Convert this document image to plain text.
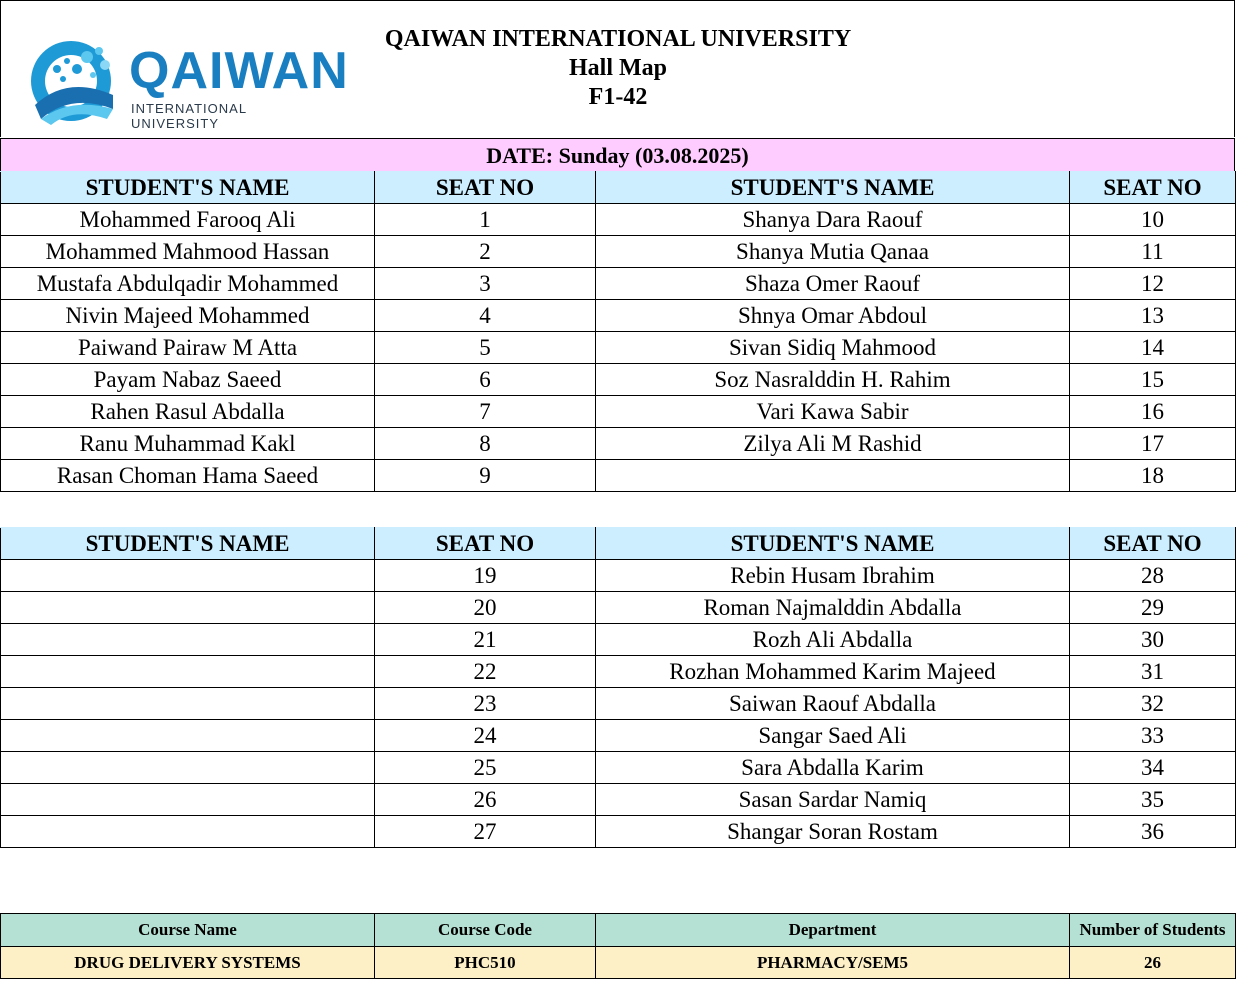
QAIWAN
INTERNATIONAL UNIVERSITY
QAIWAN INTERNATIONAL UNIVERSITY
Hall Map
F1-42
DATE: Sunday (03.08.2025)
STUDENT'S NAME	SEAT NO	STUDENT'S NAME	SEAT NO
Mohammed Farooq Ali	1	Shanya Dara Raouf	10
Mohammed Mahmood Hassan	2	Shanya Mutia Qanaa	11
Mustafa Abdulqadir Mohammed	3	Shaza Omer Raouf	12
Nivin Majeed Mohammed	4	Shnya Omar Abdoul	13
Paiwand Pairaw M Atta	5	Sivan Sidiq Mahmood	14
Payam Nabaz Saeed	6	Soz Nasralddin H. Rahim	15
Rahen Rasul Abdalla	7	Vari Kawa Sabir	16
Ranu Muhammad Kakl	8	Zilya Ali M Rashid	17
Rasan Choman Hama Saeed	9		18
STUDENT'S NAME	SEAT NO	STUDENT'S NAME	SEAT NO
	19	Rebin Husam Ibrahim	28
	20	Roman Najmalddin Abdalla	29
	21	Rozh Ali Abdalla	30
	22	Rozhan Mohammed Karim Majeed	31
	23	Saiwan Raouf Abdalla	32
	24	Sangar Saed Ali	33
	25	Sara Abdalla Karim	34
	26	Sasan Sardar Namiq	35
	27	Shangar Soran Rostam	36
Course Name	Course Code	Department	Number of Students
DRUG DELIVERY SYSTEMS	PHC510	PHARMACY/SEM5	26
